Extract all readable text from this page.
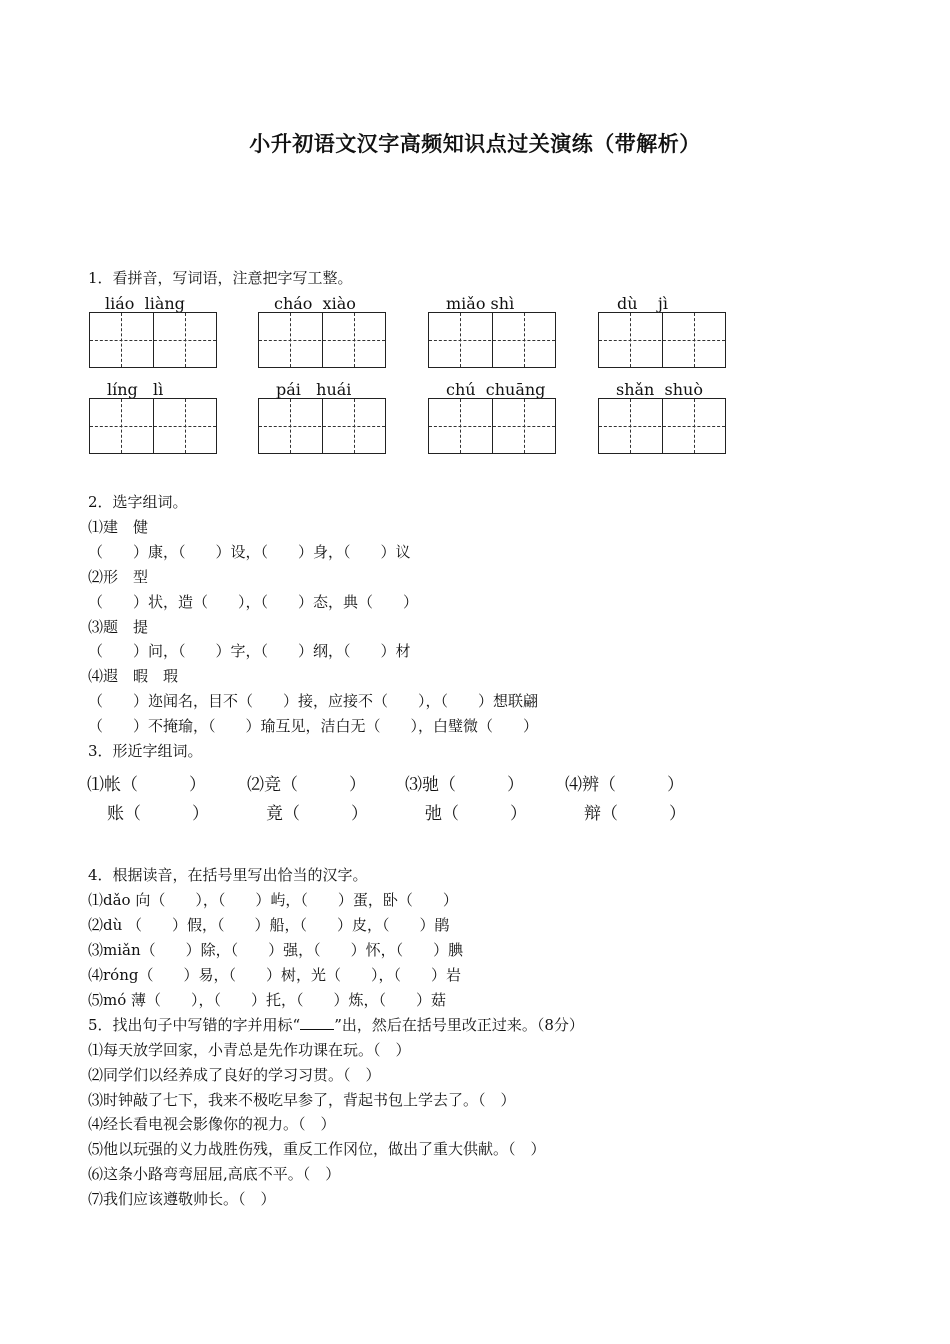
小升初语文汉字高频知识点过关演练（带解析）
1．看拼音，写词语，注意把字写工整。
liáo  liàng	cháo  xiào	miǎo shì	dù    jì
líng   lì	pái   huái	chú  chuāng	shǎn  shuò
2．选字组词。
⑴建　健
（　　）康，（　　）设，（　　）身，（　　）议
⑵形　型
（　　）状，造（　　），（　　）态，典（　　）
⑶题　提
（　　）问，（　　）字，（　　）纲，（　　）材
⑷遐　暇　瑕
（　　）迩闻名，目不（　　）接，应接不（　　），（　　）想联翩
（　　）不掩瑜，（　　）瑜互见，洁白无（　　），白璧微（　　）
3．形近字组词。
⑴帐（　　　） ⑵竞（　　　） ⑶驰（　　　） ⑷辨（　　　）
账（　　　）	竟（　　　）	弛（　　　）	辩（　　　）
4．根据读音，在括号里写出恰当的汉字。
⑴dǎo 向（　　），（　　）屿，（　　）蛋，卧（　　）
⑵dù （　　）假，（　　）船，（　　）皮，（　　）鹃
⑶miǎn（　　）除，（　　）强，（　　）怀，（　　）腆
⑷róng（　　）易，（　　）树，光（　　），（　　）岩
⑸mó 薄（　　），（　　）托，（　　）炼，（　　）菇
5．找出句子中写错的字并用标“ ”出，然后在括号里改正过来。（8分）
⑴每天放学回家，小青总是先作功课在玩。（　）
⑵同学们以经养成了良好的学习习贯。（　）
⑶时钟敲了七下，我来不极吃早参了，背起书包上学去了。（　）
⑷经长看电视会影像你的视力。（　）
⑸他以玩强的义力战胜伤残，重反工作冈位，做出了重大供献。（　）
⑹这条小路弯弯屈屈,高底不平。（　）
⑺我们应该遵敬帅长。（　）
